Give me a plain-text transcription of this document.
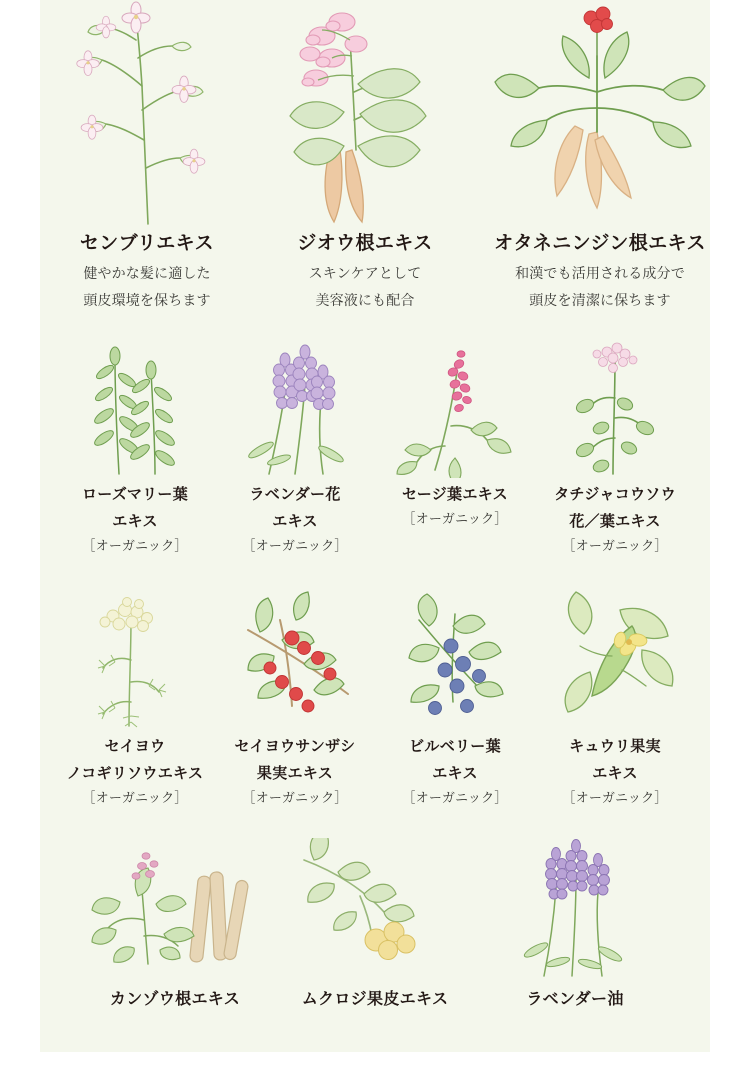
センブリエキス
健やかな髪に適した
頭皮環境を保ちます
ジオウ根エキス
スキンケアとして
美容液にも配合
オタネニンジン根エキス
和漢でも活用される成分で
頭皮を清潔に保ちます
ローズマリー葉
エキス
［オーガニック］
ラベンダー花
エキス
［オーガニック］
セージ葉エキス
［オーガニック］
タチジャコウソウ
花／葉エキス
［オーガニック］
セイヨウ
ノコギリソウエキス
［オーガニック］
セイヨウサンザシ
果実エキス
［オーガニック］
ビルベリー葉
エキス
［オーガニック］
キュウリ果実
エキス
［オーガニック］
カンゾウ根エキス	ムクロジ果皮エキス	ラベンダー油
